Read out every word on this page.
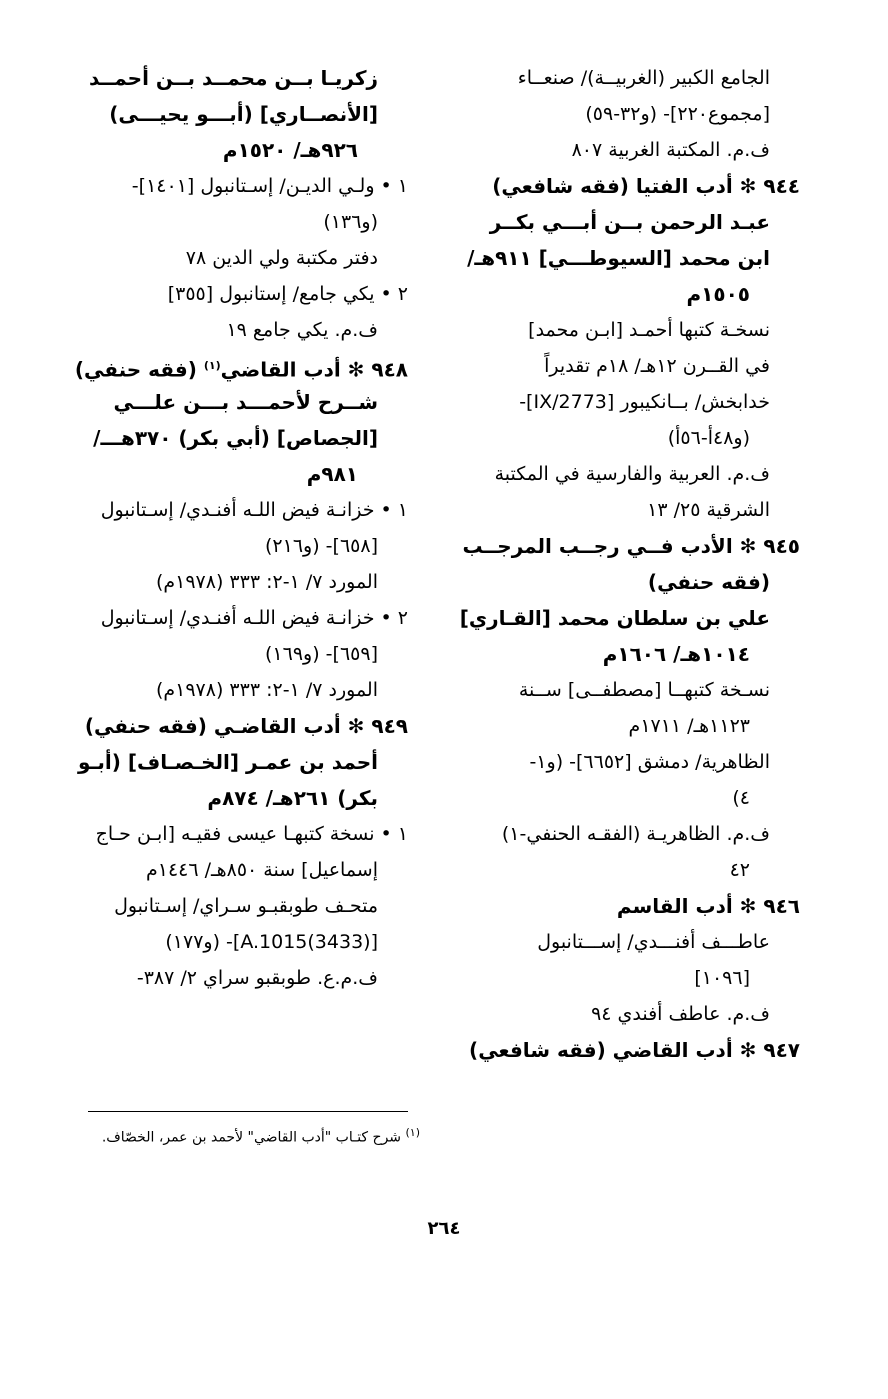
الجامع الكبير (الغربيــة)/ صنعــاء
[مجموع٢٢٠]- (و٣٢-٥٩)
ف.م. المكتبة الغربية ٨٠٧
٩٤٤ ✻ أدب الفتيا (فقه شافعي)
عبـد الرحمن بــن أبـــي بكــر
ابن محمد [السيوطـــي] ٩١١هـ/
١٥٠٥م
نسخـة كتبها أحمـد [ابـن محمد]
في القــرن ١٢هـ/ ١٨م تقديراً
خدابخش/ بــانكيبور [2773/IX]-
(و٤٨أ-٥٦أ)
ف.م. العربية والفارسية في المكتبة
الشرقية ٢٥/ ١٣
٩٤٥ ✻ الأدب فــي رجــب المرجــب
(فقه حنفي)
علي بن سلطان محمد [القـاري]
١٠١٤هـ/ ١٦٠٦م
نسـخة كتبهــا [مصطفــى] ســنة
١١٢٣هـ/ ١٧١١م
الظاهرية/ دمشق [٦٦٥٢]- (و١-
٤)
ف.م. الظاهريـة (الفقـه الحنفي-١)
٤٢
٩٤٦ ✻ أدب القاسم
عاطـــف أفنـــدي/ إســـتانبول
[١٠٩٦]
ف.م. عاطف أفندي ٩٤
٩٤٧ ✻ أدب القاضي (فقه شافعي)
زكريـا بــن محمــد بــن أحمــد
[الأنصــاري] (أبـــو يحيـــى)
٩٢٦هـ/ ١٥٢٠م
١ • ولـي الديـن/ إسـتانبول [١٤٠١]-
(و١٣٦)
دفتر مكتبة ولي الدين ٧٨
٢ • يكي جامع/ إستانبول [٣٥٥]
ف.م. يكي جامع ١٩
٩٤٨ ✻ أدب القاضي$^{(١)}$ (فقه حنفي)
شــرح لأحمـــد بـــن علـــي
[الجصاص] (أبي بكر) ٣٧٠هـــ/
٩٨١م
١ • خزانـة فيض اللـه أفنـدي/ إسـتانبول
[٦٥٨]- (و٢١٦)
المورد ٧/ ١-٢: ٣٣٣ (١٩٧٨م)
٢ • خزانـة فيض اللـه أفنـدي/ إسـتانبول
[٦٥٩]- (و١٦٩)
المورد ٧/ ١-٢: ٣٣٣ (١٩٧٨م)
٩٤٩ ✻ أدب القاضـي (فقه حنفي)
أحمد بن عمـر [الخـصـاف] (أبـو
بكر) ٢٦١هـ/ ٨٧٤م
١ • نسخة كتبهـا عيسى فقيـه [ابـن حـاج
إسماعيل] سنة ٨٥٠هـ/ ١٤٤٦م
متحـف طوبقبـو سـراي/ إسـتانبول
[A.1015(3433)]- (و١٧٧)
ف.م.ع. طوبقبو سراي ٢/ ٣٨٧-
$^{(١)}$ شرح كتـاب "أدب القاضي" لأحمد بن عمر، الخصّاف.
٢٦٤
